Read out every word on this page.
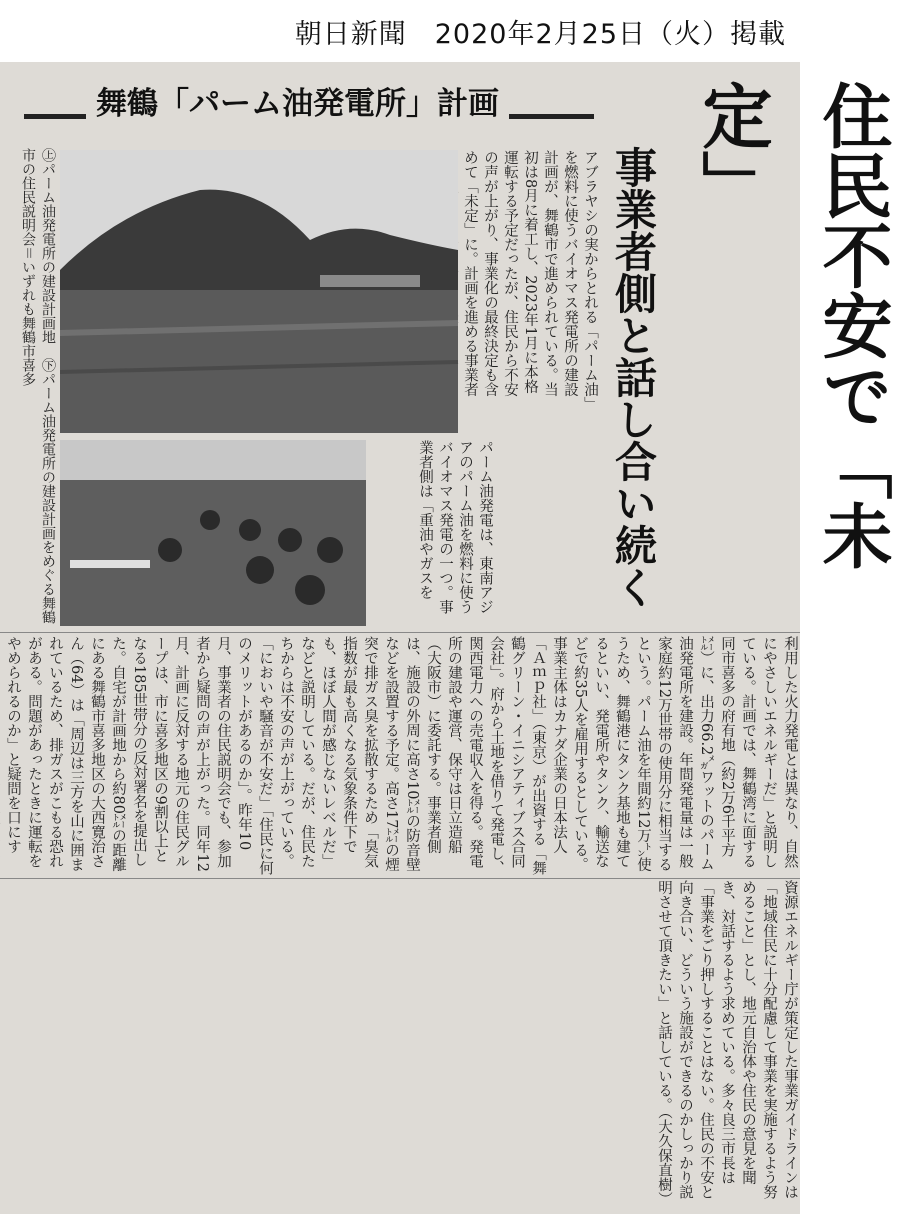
朝日新聞　2020年2月25日（火）掲載
舞鶴「パーム油発電所」計画	住民不安で「未定」
事業者側と話し合い続く
アブラヤシの実からとれる「パーム油」を燃料に使うバイオマス発電所の建設計画が、舞鶴市で進められている。当初は8月に着工し、2023年1月に本格運転する予定だったが、住民から不安の声が上がり、事業化の最終決定も含めて「未定」に。計画を進める事業者
㊤パーム油発電所の建設計画地　㊦パーム油発電所の建設計画をめぐる舞鶴市の住民説明会＝いずれも舞鶴市喜多
パーム油発電は、東南アジアのパーム油を燃料に使うバイオマス発電の一つ。事業者側は「重油やガスを

利用した火力発電とは異なり、自然にやさしいエネルギーだ」と説明している。計画では、舞鶴湾に面する同市喜多の府有地（約2万6千平方㍍）に、出力66.2㍋ワットのパーム油発電所を建設。年間発電量は一般家庭約12万世帯の使用分に相当するという。パーム油を年間約12万㌧使うため、舞鶴港にタンク基地も建てるといい、発電所やタンク、輸送などで約35人を雇用するとしている。事業主体はカナダ企業の日本法人「Ａｍｐ社」（東京）が出資する「舞鶴グリーン・イニシアティブス合同会社」。府から土地を借りて発電し、関西電力への売電収入を得る。発電所の建設や運営、保守は日立造船（大阪市）に委託する。事業者側は、施設の外周に高さ10㍍の防音壁などを設置する予定。高さ17㍍の煙突で排ガス臭を拡散するため「臭気指数が最も高くなる気象条件下でも、ほぼ人間が感じないレベルだ」などと説明している。だが、住民たちからは不安の声が上がっている。「においや騒音が不安だ」「住民に何のメリットがあるのか」。昨年10月、事業者の住民説明会でも、参加者から疑問の声が上がった。同年12月、計画に反対する地元の住民グループは、市に喜多地区の9割以上となる185世帯分の反対署名を提出した。自宅が計画地から約80㍍の距離にある舞鶴市喜多地区の大西寛治さん（64）は「周辺は三方を山に囲まれているため、排ガスがこもる恐れがある。問題があったときに運転をやめられるのか」と疑問を口にす

資源エネルギー庁が策定した事業ガイドラインは「地域住民に十分配慮して事業を実施するよう努めること」とし、地元自治体や住民の意見を聞き、対話するよう求めている。多々良三市長は「事業をごり押しすることはない。住民の不安と向き合い、どういう施設ができるのかしっかり説明させて頂きたい」と話している。（大久保直樹）
